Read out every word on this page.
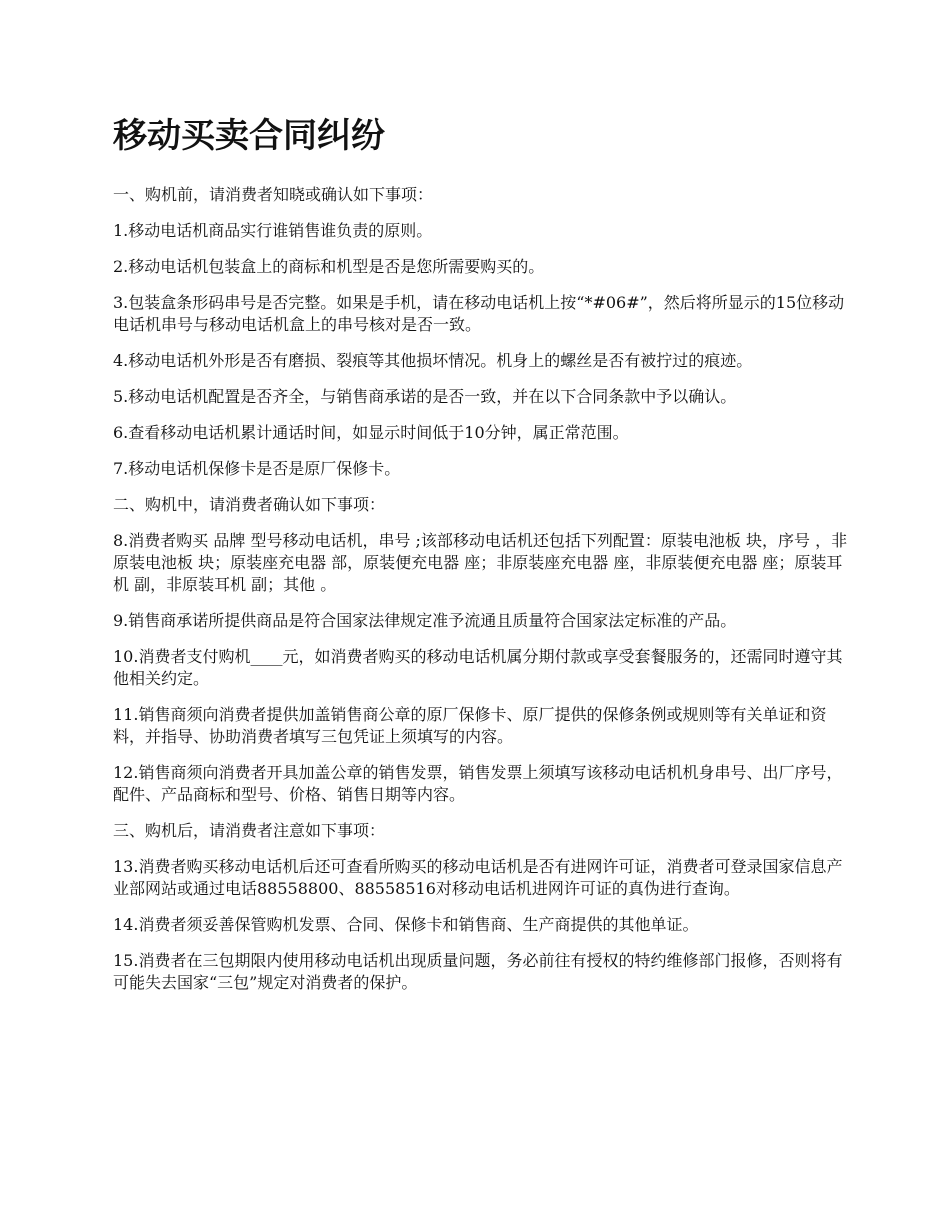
移动买卖合同纠纷

一、购机前，请消费者知晓或确认如下事项：

1.移动电话机商品实行谁销售谁负责的原则。

2.移动电话机包装盒上的商标和机型是否是您所需要购买的。

3.包装盒条形码串号是否完整。如果是手机，请在移动电话机上按“*#06#”，然后将所显示的15位移动电话机串号与移动电话机盒上的串号核对是否一致。

4.移动电话机外形是否有磨损、裂痕等其他损坏情况。机身上的螺丝是否有被拧过的痕迹。

5.移动电话机配置是否齐全，与销售商承诺的是否一致，并在以下合同条款中予以确认。

6.查看移动电话机累计通话时间，如显示时间低于10分钟，属正常范围。

7.移动电话机保修卡是否是原厂保修卡。

二、购机中，请消费者确认如下事项：

8.消费者购买 品牌 型号移动电话机，串号 ;该部移动电话机还包括下列配置：原装电池板 块，序号 ，非原装电池板 块；原装座充电器 部，原装便充电器 座；非原装座充电器 座，非原装便充电器 座；原装耳机 副，非原装耳机 副；其他 。

9.销售商承诺所提供商品是符合国家法律规定准予流通且质量符合国家法定标准的产品。

10.消费者支付购机____元，如消费者购买的移动电话机属分期付款或享受套餐服务的，还需同时遵守其他相关约定。

11.销售商须向消费者提供加盖销售商公章的原厂保修卡、原厂提供的保修条例或规则等有关单证和资料，并指导、协助消费者填写三包凭证上须填写的内容。

12.销售商须向消费者开具加盖公章的销售发票，销售发票上须填写该移动电话机机身串号、出厂序号，配件、产品商标和型号、价格、销售日期等内容。

三、购机后，请消费者注意如下事项：

13.消费者购买移动电话机后还可查看所购买的移动电话机是否有进网许可证，消费者可登录国家信息产业部网站或通过电话88558800、88558516对移动电话机进网许可证的真伪进行查询。

14.消费者须妥善保管购机发票、合同、保修卡和销售商、生产商提供的其他单证。

15.消费者在三包期限内使用移动电话机出现质量问题，务必前往有授权的特约维修部门报修，否则将有可能失去国家“三包”规定对消费者的保护。
